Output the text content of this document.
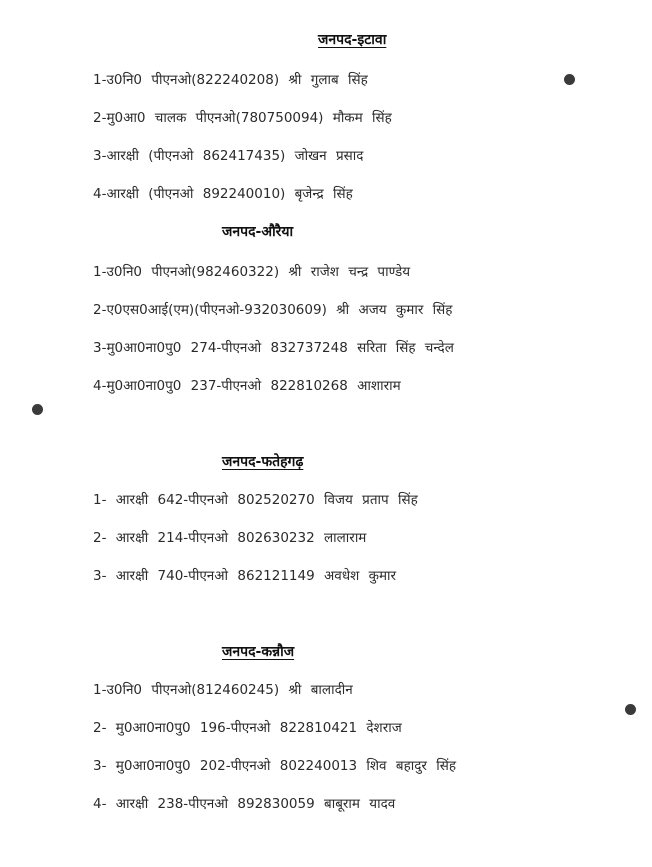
जनपद-इटावा
1-उ0नि0 पीएनओ(822240208) श्री गुलाब सिंह
2-मु0आ0 चालक पीएनओ(780750094) मौकम सिंह
3-आरक्षी (पीएनओ 862417435) जोखन प्रसाद
4-आरक्षी (पीएनओ 892240010) बृजेन्द्र सिंह
जनपद-औरैया
1-उ0नि0 पीएनओ(982460322) श्री राजेश चन्द्र पाण्डेय
2-ए0एस0आई(एम)(पीएनओ-932030609) श्री अजय कुमार सिंह
3-मु0आ0ना0पु0 274-पीएनओ 832737248 सरिता सिंह चन्देल
4-मु0आ0ना0पु0 237-पीएनओ 822810268 आशाराम
जनपद-फतेहगढ़
1- आरक्षी 642-पीएनओ 802520270 विजय प्रताप सिंह
2- आरक्षी 214-पीएनओ 802630232 लालाराम
3- आरक्षी 740-पीएनओ 862121149 अवधेश कुमार
जनपद-कन्नौज
1-उ0नि0 पीएनओ(812460245) श्री बालादीन
2- मु0आ0ना0पु0 196-पीएनओ 822810421 देशराज
3- मु0आ0ना0पु0 202-पीएनओ 802240013 शिव बहादुर सिंह
4- आरक्षी 238-पीएनओ 892830059 बाबूराम यादव
